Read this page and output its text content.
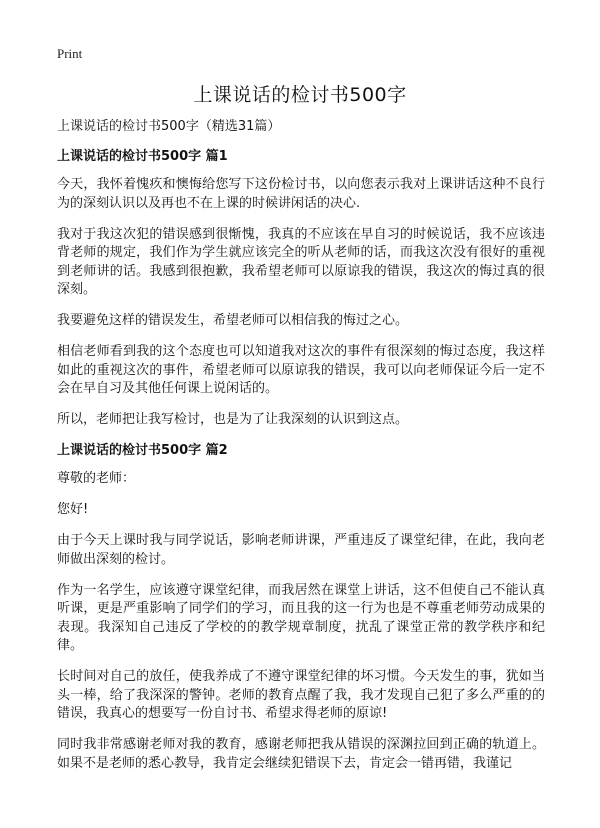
Print
上课说话的检讨书500字

上课说话的检讨书500字（精选31篇）

上课说话的检讨书500字 篇1

今天，我怀着愧疚和懊悔给您写下这份检讨书，以向您表示我对上课讲话这种不良行为的深刻认识以及再也不在上课的时候讲闲话的决心.

我对于我这次犯的错误感到很惭愧，我真的不应该在早自习的时候说话，我不应该违背老师的规定，我们作为学生就应该完全的听从老师的话，而我这次没有很好的重视到老师讲的话。我感到很抱歉，我希望老师可以原谅我的错误，我这次的悔过真的很深刻。

我要避免这样的错误发生，希望老师可以相信我的悔过之心。

相信老师看到我的这个态度也可以知道我对这次的事件有很深刻的悔过态度，我这样如此的重视这次的事件，希望老师可以原谅我的错误，我可以向老师保证今后一定不会在早自习及其他任何课上说闲话的。

所以，老师把让我写检讨，也是为了让我深刻的认识到这点。

上课说话的检讨书500字 篇2

尊敬的老师：

您好!

由于今天上课时我与同学说话，影响老师讲课，严重违反了课堂纪律，在此，我向老师做出深刻的检讨。

作为一名学生，应该遵守课堂纪律，而我居然在课堂上讲话，这不但使自己不能认真听课，更是严重影响了同学们的学习，而且我的这一行为也是不尊重老师劳动成果的表现。我深知自己违反了学校的的教学规章制度，扰乱了课堂正常的教学秩序和纪律。

长时间对自己的放任，使我养成了不遵守课堂纪律的坏习惯。今天发生的事，犹如当头一棒，给了我深深的警钟。老师的教育点醒了我，我才发现自己犯了多么严重的的错误，我真心的想要写一份自讨书、希望求得老师的原谅!

同时我非常感谢老师对我的教育，感谢老师把我从错误的深渊拉回到正确的轨道上。如果不是老师的悉心教导，我肯定会继续犯错误下去，肯定会一错再错，我谨记
